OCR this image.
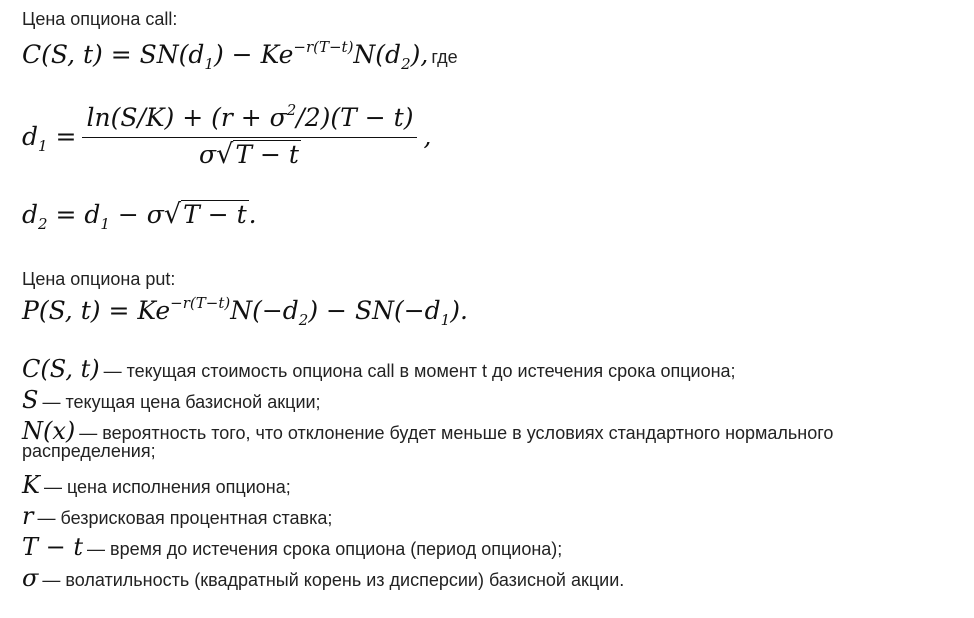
Цена опциона call:
C(S, $t) = SN(d_1) - Ke^{-r(T-t)}N(d_2)$, где
$d_1 = \frac{\ln(S/K) + (r + \sigma^2/2)(T - t)}{\sigma √ T - t}$ ,
$d_2 = d_1 - \sigma$ √ T − t .
Цена опциона put:
P(S, $t) = Ke^{-r(T-t)}N(-d_2) - SN(-d_1)$.
C(S, t) — текущая стоимость опциона call в момент t до истечения срока опциона;
S — текущая цена базисной акции;
N(x) — вероятность того, что отклонение будет меньше в условиях стандартного нормального
распределения;
K — цена исполнения опциона;
r — безрисковая процентная ставка;
T − t — время до истечения срока опциона (период опциона);
σ — волатильность (квадратный корень из дисперсии) базисной акции.
